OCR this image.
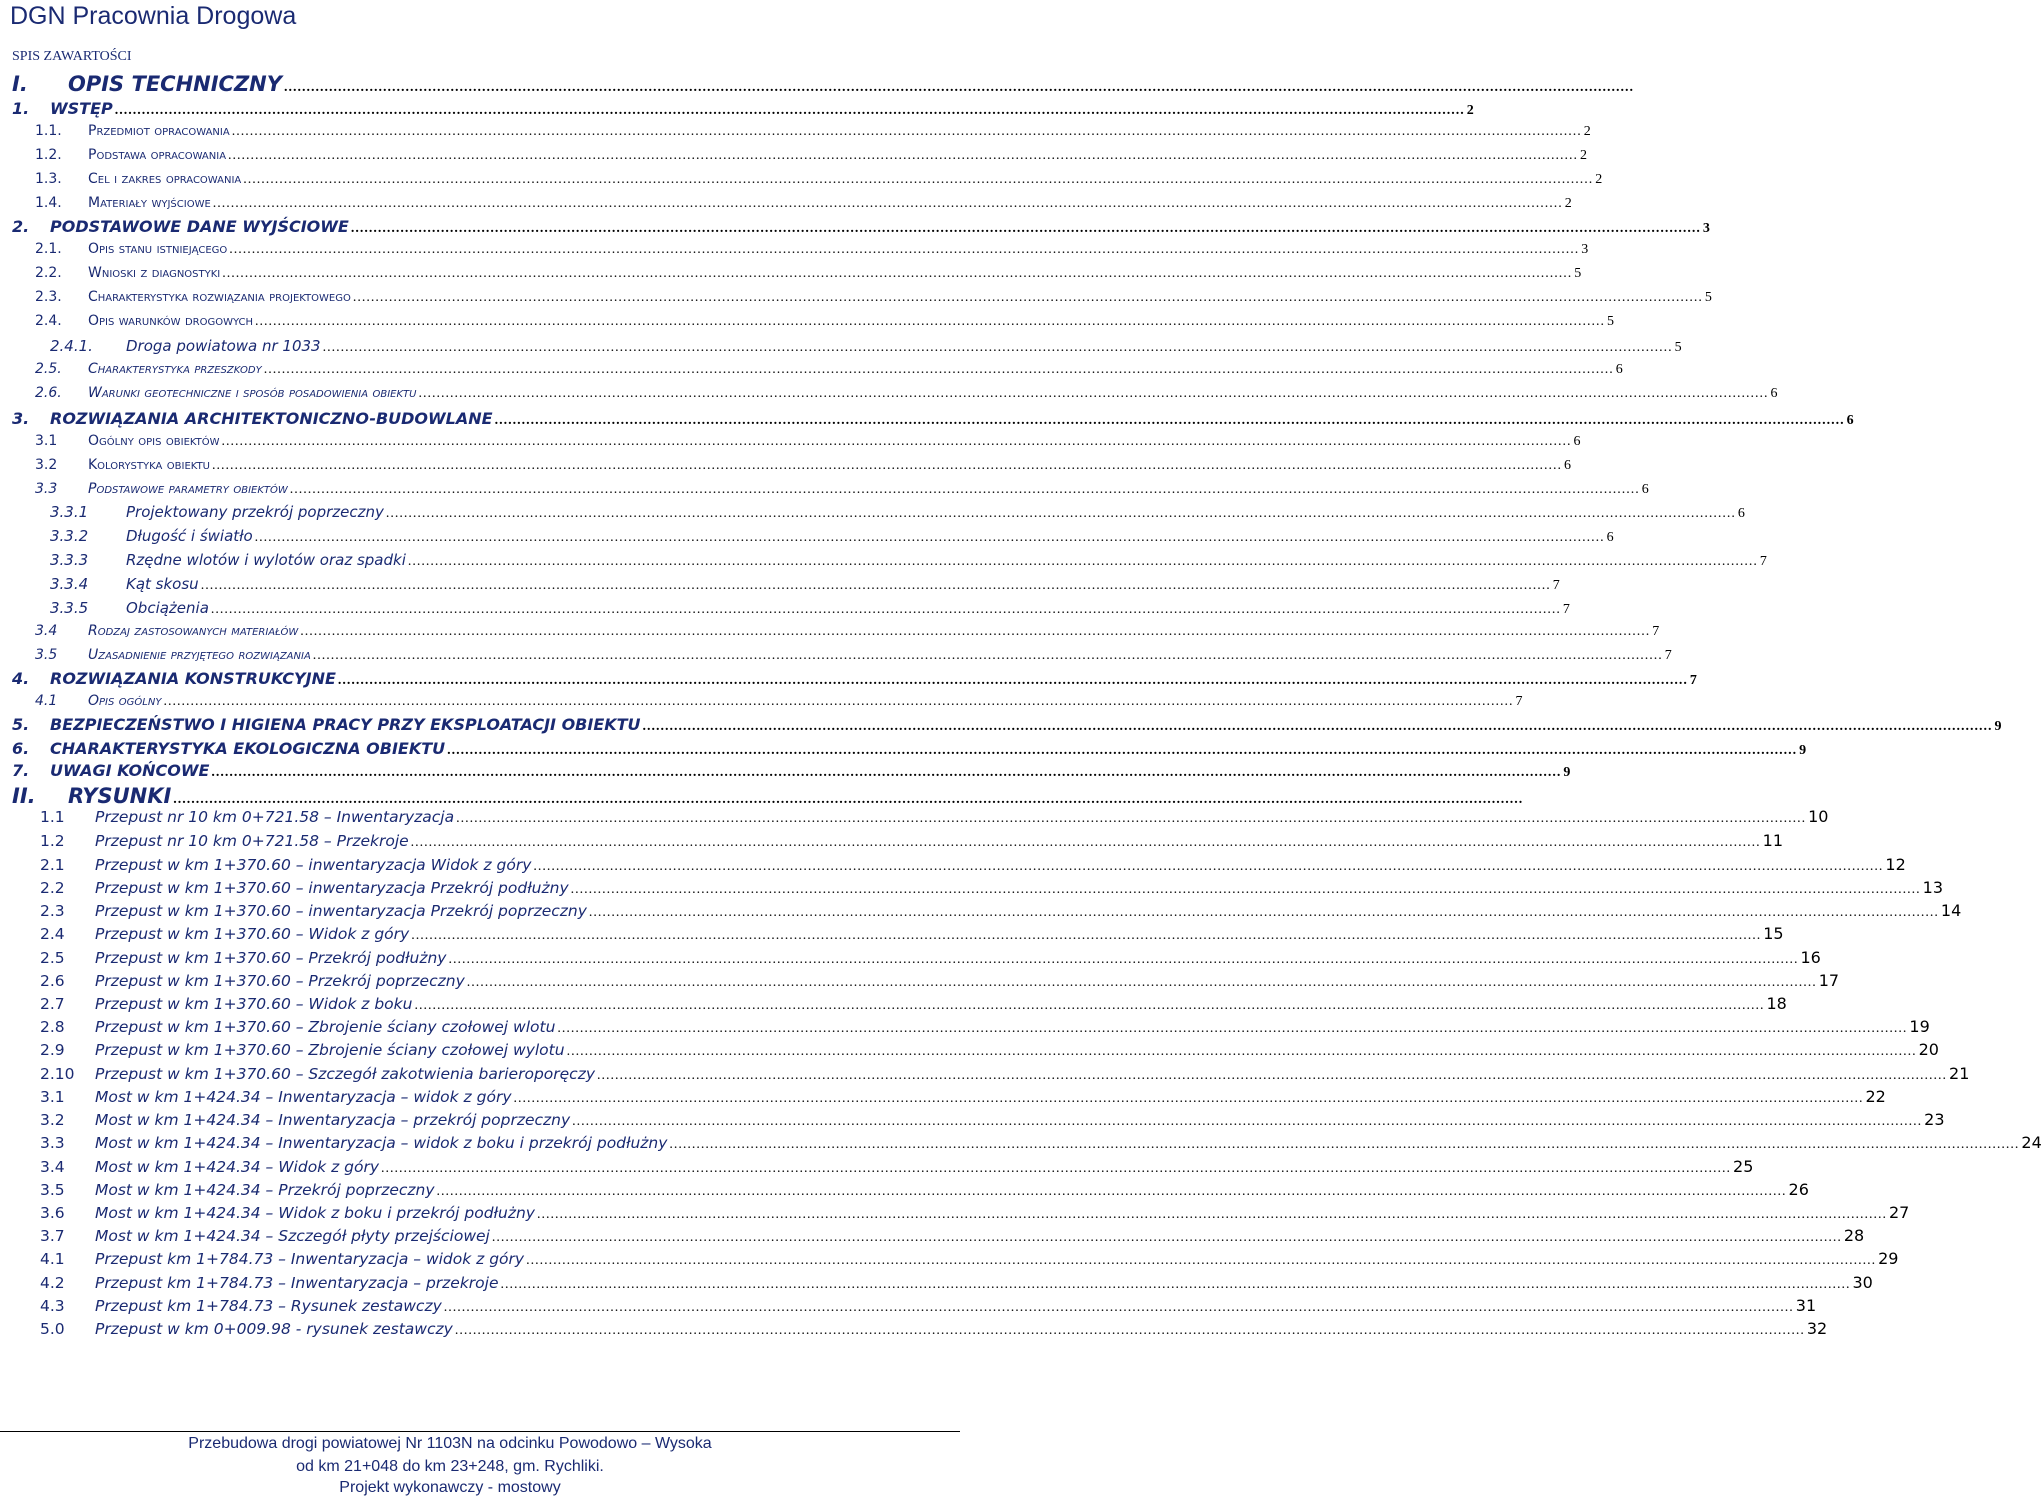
DGN Pracownia Drogowa
SPIS ZAWARTOŚCI
I.	OPIS TECHNICZNY ............................................................................................................................................................................................................................................................................................................
1.	WSTĘP ............................................................................................................................................................................................................................................................................................................ 2
1.1.	Przedmiot opracowania ............................................................................................................................................................................................................................................................................................................ 2
1.2.	Podstawa opracowania ............................................................................................................................................................................................................................................................................................................ 2
1.3.	Cel i zakres opracowania ............................................................................................................................................................................................................................................................................................................ 2
1.4.	Materiały wyjściowe ............................................................................................................................................................................................................................................................................................................ 2
2.	PODSTAWOWE DANE WYJŚCIOWE ............................................................................................................................................................................................................................................................................................................ 3
2.1.	Opis stanu istniejącego ............................................................................................................................................................................................................................................................................................................ 3
2.2.	Wnioski z diagnostyki ............................................................................................................................................................................................................................................................................................................ 5
2.3.	Charakterystyka rozwiązania projektowego ............................................................................................................................................................................................................................................................................................................ 5
2.4.	Opis warunków drogowych ............................................................................................................................................................................................................................................................................................................ 5
2.4.1.	Droga powiatowa nr 1033 ............................................................................................................................................................................................................................................................................................................ 5
2.5.	Charakterystyka przeszkody ............................................................................................................................................................................................................................................................................................................ 6
2.6.	Warunki geotechniczne i sposób posadowienia obiektu ............................................................................................................................................................................................................................................................................................................ 6
3.	ROZWIĄZANIA ARCHITEKTONICZNO-BUDOWLANE ............................................................................................................................................................................................................................................................................................................ 6
3.1	Ogólny opis obiektów ............................................................................................................................................................................................................................................................................................................ 6
3.2	Kolorystyka obiektu ............................................................................................................................................................................................................................................................................................................ 6
3.3	Podstawowe parametry obiektów ............................................................................................................................................................................................................................................................................................................ 6
3.3.1	Projektowany przekrój poprzeczny ............................................................................................................................................................................................................................................................................................................ 6
3.3.2	Długość i światło ............................................................................................................................................................................................................................................................................................................ 6
3.3.3	Rzędne wlotów i wylotów oraz spadki ............................................................................................................................................................................................................................................................................................................ 7
3.3.4	Kąt skosu ............................................................................................................................................................................................................................................................................................................ 7
3.3.5	Obciążenia ............................................................................................................................................................................................................................................................................................................ 7
3.4	Rodzaj zastosowanych materiałów ............................................................................................................................................................................................................................................................................................................ 7
3.5	Uzasadnienie przyjętego rozwiązania ............................................................................................................................................................................................................................................................................................................ 7
4.	ROZWIĄZANIA KONSTRUKCYJNE ............................................................................................................................................................................................................................................................................................................ 7
4.1	Opis ogólny ............................................................................................................................................................................................................................................................................................................ 7
5.	BEZPIECZEŃSTWO I HIGIENA PRACY PRZY EKSPLOATACJI OBIEKTU ............................................................................................................................................................................................................................................................................................................ 9
6.	CHARAKTERYSTYKA EKOLOGICZNA OBIEKTU ............................................................................................................................................................................................................................................................................................................ 9
7.	UWAGI KOŃCOWE ............................................................................................................................................................................................................................................................................................................ 9
II.	RYSUNKI ............................................................................................................................................................................................................................................................................................................
1.1	Przepust nr 10 km 0+721.58 – Inwentaryzacja ............................................................................................................................................................................................................................................................................................................ 10
1.2	Przepust nr 10 km 0+721.58 – Przekroje ............................................................................................................................................................................................................................................................................................................ 11
2.1	Przepust w km 1+370.60 – inwentaryzacja Widok z góry ............................................................................................................................................................................................................................................................................................................ 12
2.2	Przepust w km 1+370.60 – inwentaryzacja Przekrój podłużny ............................................................................................................................................................................................................................................................................................................ 13
2.3	Przepust w km 1+370.60 – inwentaryzacja Przekrój poprzeczny ............................................................................................................................................................................................................................................................................................................ 14
2.4	Przepust w km 1+370.60 – Widok z góry ............................................................................................................................................................................................................................................................................................................ 15
2.5	Przepust w km 1+370.60 – Przekrój podłużny ............................................................................................................................................................................................................................................................................................................ 16
2.6	Przepust w km 1+370.60 – Przekrój poprzeczny ............................................................................................................................................................................................................................................................................................................ 17
2.7	Przepust w km 1+370.60 – Widok z boku ............................................................................................................................................................................................................................................................................................................ 18
2.8	Przepust w km 1+370.60 – Zbrojenie ściany czołowej wlotu ............................................................................................................................................................................................................................................................................................................ 19
2.9	Przepust w km 1+370.60 – Zbrojenie ściany czołowej wylotu ............................................................................................................................................................................................................................................................................................................ 20
2.10	Przepust w km 1+370.60 – Szczegół zakotwienia barieroporęczy ............................................................................................................................................................................................................................................................................................................ 21
3.1	Most w km 1+424.34 – Inwentaryzacja – widok z góry ............................................................................................................................................................................................................................................................................................................ 22
3.2	Most w km 1+424.34 – Inwentaryzacja – przekrój poprzeczny ............................................................................................................................................................................................................................................................................................................ 23
3.3	Most w km 1+424.34 – Inwentaryzacja – widok z boku i przekrój podłużny ............................................................................................................................................................................................................................................................................................................ 24
3.4	Most w km 1+424.34 – Widok z góry ............................................................................................................................................................................................................................................................................................................ 25
3.5	Most w km 1+424.34 – Przekrój poprzeczny ............................................................................................................................................................................................................................................................................................................ 26
3.6	Most w km 1+424.34 – Widok z boku i przekrój podłużny ............................................................................................................................................................................................................................................................................................................ 27
3.7	Most w km 1+424.34 – Szczegół płyty przejściowej ............................................................................................................................................................................................................................................................................................................ 28
4.1	Przepust km 1+784.73 – Inwentaryzacja – widok z góry ............................................................................................................................................................................................................................................................................................................ 29
4.2	Przepust km 1+784.73 – Inwentaryzacja – przekroje ............................................................................................................................................................................................................................................................................................................ 30
4.3	Przepust km 1+784.73 – Rysunek zestawczy ............................................................................................................................................................................................................................................................................................................ 31
5.0	Przepust w km 0+009.98 - rysunek zestawczy ............................................................................................................................................................................................................................................................................................................ 32
Przebudowa drogi powiatowej Nr 1103N na odcinku Powodowo – Wysoka
od km 21+048 do km 23+248, gm. Rychliki.
Projekt wykonawczy - mostowy
